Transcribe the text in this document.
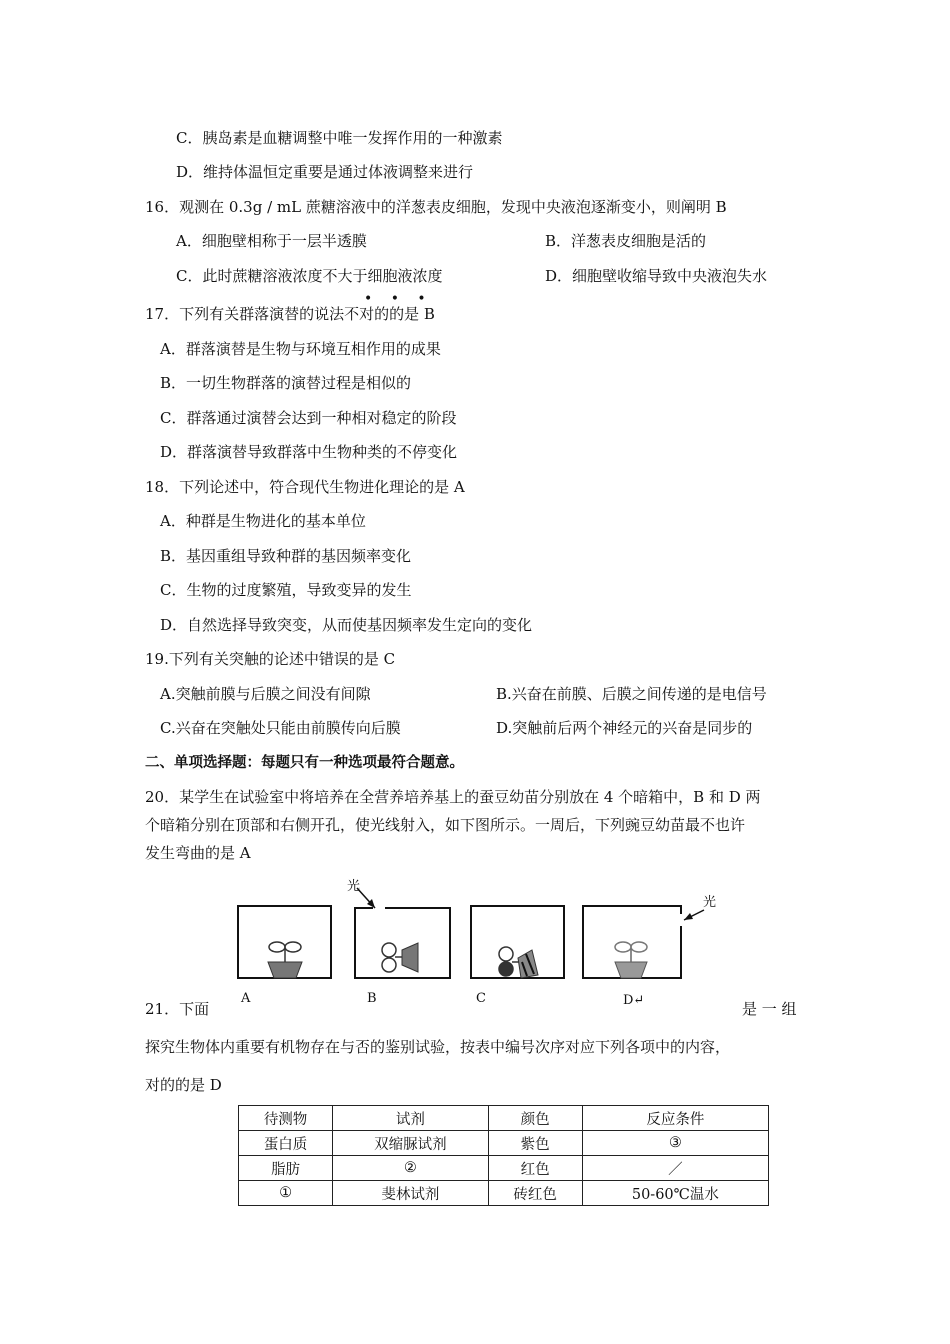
C．胰岛素是血糖调整中唯一发挥作用的一种激素
D．维持体温恒定重要是通过体液调整来进行
16．观测在 0.3g / mL 蔗糖溶液中的洋葱表皮细胞，发现中央液泡逐渐变小，则阐明 B
A．细胞壁相称于一层半透膜	B．洋葱表皮细胞是活的
C．此时蔗糖溶液浓度不大于细胞液浓度	D．细胞壁收缩导致中央液泡失水
• • •
17．下列有关群落演替的说法不对的的是 B
A．群落演替是生物与环境互相作用的成果
B．一切生物群落的演替过程是相似的
C．群落通过演替会达到一种相对稳定的阶段
D．群落演替导致群落中生物种类的不停变化
18．下列论述中，符合现代生物进化理论的是 A
A．种群是生物进化的基本单位
B．基因重组导致种群的基因频率变化
C．生物的过度繁殖，导致变异的发生
D．自然选择导致突变，从而使基因频率发生定向的变化
19.下列有关突触的论述中错误的是 C
A.突触前膜与后膜之间没有间隙	B.兴奋在前膜、后膜之间传递的是电信号
C.兴奋在突触处只能由前膜传向后膜	D.突触前后两个神经元的兴奋是同步的
二、单项选择题：每题只有一种选项最符合题意。
20．某学生在试验室中将培养在全营养培养基上的蚕豆幼苗分别放在 4 个暗箱中，B 和 D 两
个暗箱分别在顶部和右侧开孔，使光线射入，如下图所示。一周后，下列豌豆幼苗最不也许
发生弯曲的是 A
光
光
A	B	C	D↵
21．下面	是 一 组
探究生物体内重要有机物存在与否的鉴别试验，按表中编号次序对应下列各项中的内容，
对的的是 D
待测物	试剂	颜色	反应条件
蛋白质	双缩脲试剂	紫色	③
脂肪	②	红色	／
①	斐林试剂	砖红色	50-60℃温水
